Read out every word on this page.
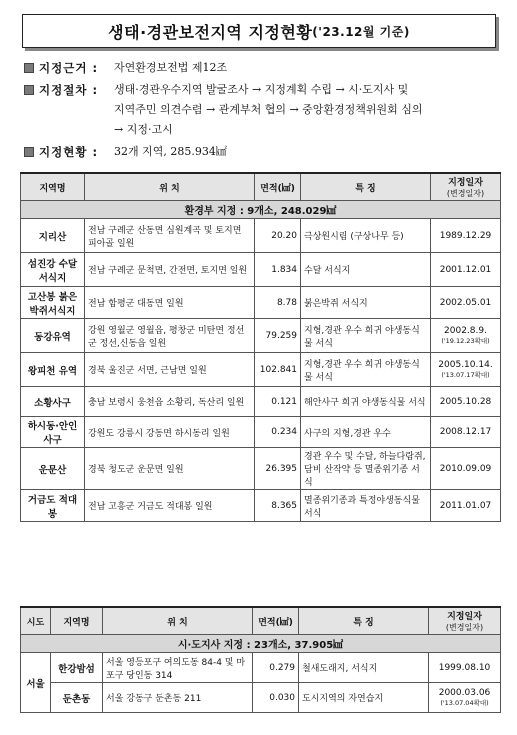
생태·경관보전지역 지정현황 ('23.12월 기준)
지정근거 : 자연환경보전법 제12조
지정절차 : 생태·경관우수지역 발굴조사 → 지정계획 수립 → 시·도지사 및
지역주민 의견수렴 → 관계부처 협의 → 중앙환경정책위원회 심의
→ 지정·고시
지정현황 : 32개 지역, 285.934㎢
지역명	위 치	면적(㎢)	특 징	지정일자
(변경일자)
환경부 지정 : 9개소, 248.029㎢				
지리산	전남 구례군 산동면 심원계곡 및 토지면 피아골 일원	20.20	극상원시림 (구상나무 등)	1989.12.29
섬진강 수달서식지	전남 구례군 문척면, 간전면, 토지면 일원	1.834	수달 서식지	2001.12.01
고산봉 붉은박쥐서식지	전남 함평군 대동면 일원	8.78	붉은박쥐 서식지	2002.05.01
동강유역	강원 영월군 영월읍, 평창군 미탄면 정선군 정선,신동읍 일원	79.259	지형,경관 우수 희귀 야생동식물 서식	2002.8.9.
('19.12.23확대)

왕피천 유역	경북 울진군 서면, 근남면 일원	102.841	지형,경관 우수 희귀 야생동식물 서식	2005.10.14.
('13.07.17확대)

소황사구	충남 보령시 웅천읍 소황리, 독산리 일원	0.121	해안사구 희귀 야생동식물 서식	2005.10.28
하시동·안인 사구	강원도 강릉시 강동면 하시동리 일원	0.234	사구의 지형,경관 우수	2008.12.17
운문산	경북 청도군 운문면 일원	26.395	경관 우수 및 수달, 하늘다람쥐, 담비 산작약 등 멸종위기종 서식	2010.09.09
거금도 적대봉	전남 고흥군 거금도 적대봉 일원	8.365	멸종위기종과 특정야생동식물 서식	2011.01.07
시도	지역명	위 치	면적(㎢)	특 징	지정일자
(변경일자)
시·도지사 지정 : 23개소, 37.905㎢					
서울	한강밤섬	서울 영등포구 여의도동 84-4 및 마포구 당인동 314	0.279	철새도래지, 서식지	1999.08.10
	둔촌동	서울 강동구 둔촌동 211	0.030	도시지역의 자연습지	2000.03.06
('13.07.04확대)
